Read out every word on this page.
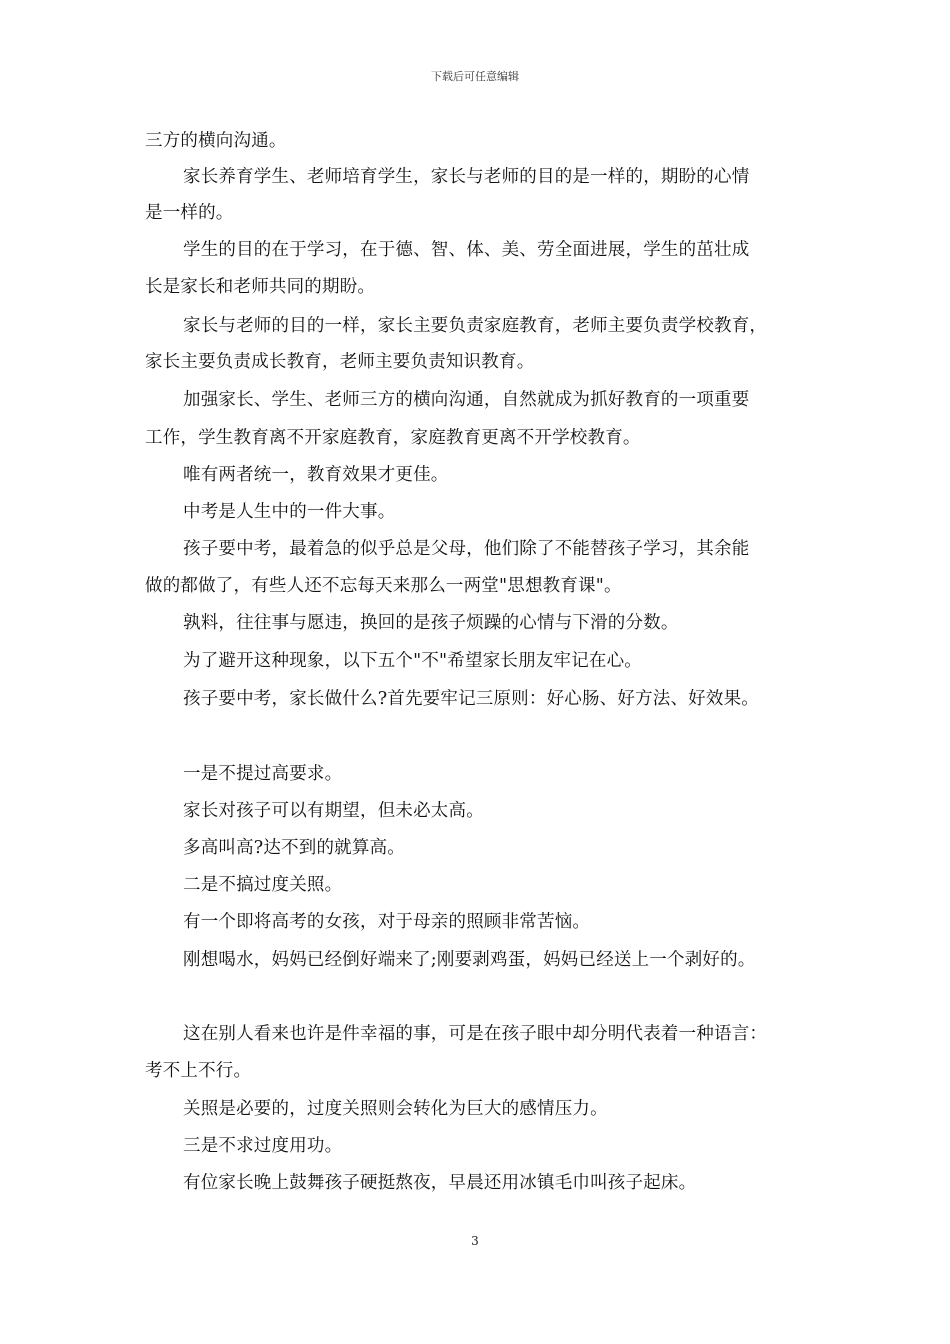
下载后可任意编辑
三方的横向沟通。
家长养育学生、老师培育学生，家长与老师的目的是一样的，期盼的心情
是一样的。
学生的目的在于学习，在于德、智、体、美、劳全面进展，学生的茁壮成
长是家长和老师共同的期盼。
家长与老师的目的一样，家长主要负责家庭教育，老师主要负责学校教育，
家长主要负责成长教育，老师主要负责知识教育。
加强家长、学生、老师三方的横向沟通，自然就成为抓好教育的一项重要
工作，学生教育离不开家庭教育，家庭教育更离不开学校教育。
唯有两者统一，教育效果才更佳。
中考是人生中的一件大事。
孩子要中考，最着急的似乎总是父母，他们除了不能替孩子学习，其余能
做的都做了，有些人还不忘每天来那么一两堂"思想教育课"。
孰料，往往事与愿违，换回的是孩子烦躁的心情与下滑的分数。
为了避开这种现象，以下五个"不"希望家长朋友牢记在心。
孩子要中考，家长做什么?首先要牢记三原则：好心肠、好方法、好效果。
一是不提过高要求。
家长对孩子可以有期望，但未必太高。
多高叫高?达不到的就算高。
二是不搞过度关照。
有一个即将高考的女孩，对于母亲的照顾非常苦恼。
刚想喝水，妈妈已经倒好端来了;刚要剥鸡蛋，妈妈已经送上一个剥好的。
这在别人看来也许是件幸福的事，可是在孩子眼中却分明代表着一种语言：
考不上不行。
关照是必要的，过度关照则会转化为巨大的感情压力。
三是不求过度用功。
有位家长晚上鼓舞孩子硬挺熬夜，早晨还用冰镇毛巾叫孩子起床。
3
